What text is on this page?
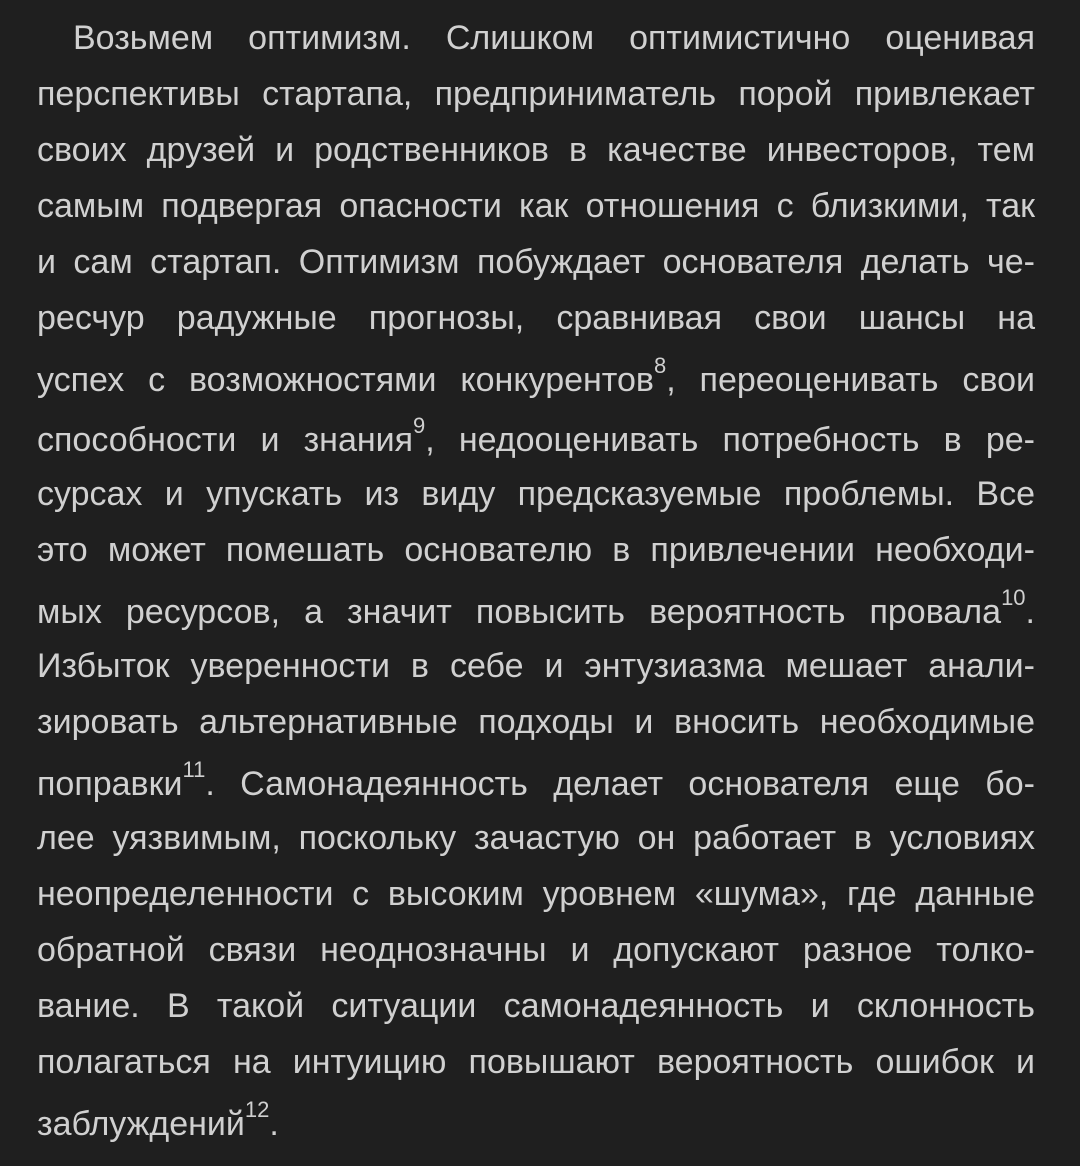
Возьмем оптимизм. Слишком оптимистично оценивая
перспективы стартапа, предприниматель порой привлекает
своих друзей и родственников в качестве инвесторов, тем
самым подвергая опасности как отношения с близкими, так
и сам стартап. Оптимизм побуждает основателя делать че-
ресчур радужные прогнозы, сравнивая свои шансы на
успех с возможностями конкурентов$^8$, переоценивать свои
способности и знания$^9$, недооценивать потребность в ре-
сурсах и упускать из виду предсказуемые проблемы. Все
это может помешать основателю в привлечении необходи-
мых ресурсов, а значит повысить вероятность провала$^{10}$.
Избыток уверенности в себе и энтузиазма мешает анали-
зировать альтернативные подходы и вносить необходимые
поправки$^{11}$. Самонадеянность делает основателя еще бо-
лее уязвимым, поскольку зачастую он работает в условиях
неопределенности с высоким уровнем «шума», где данные
обратной связи неоднозначны и допускают разное толко-
вание. В такой ситуации самонадеянность и склонность
полагаться на интуицию повышают вероятность ошибок и
заблуждений$^{12}$.
